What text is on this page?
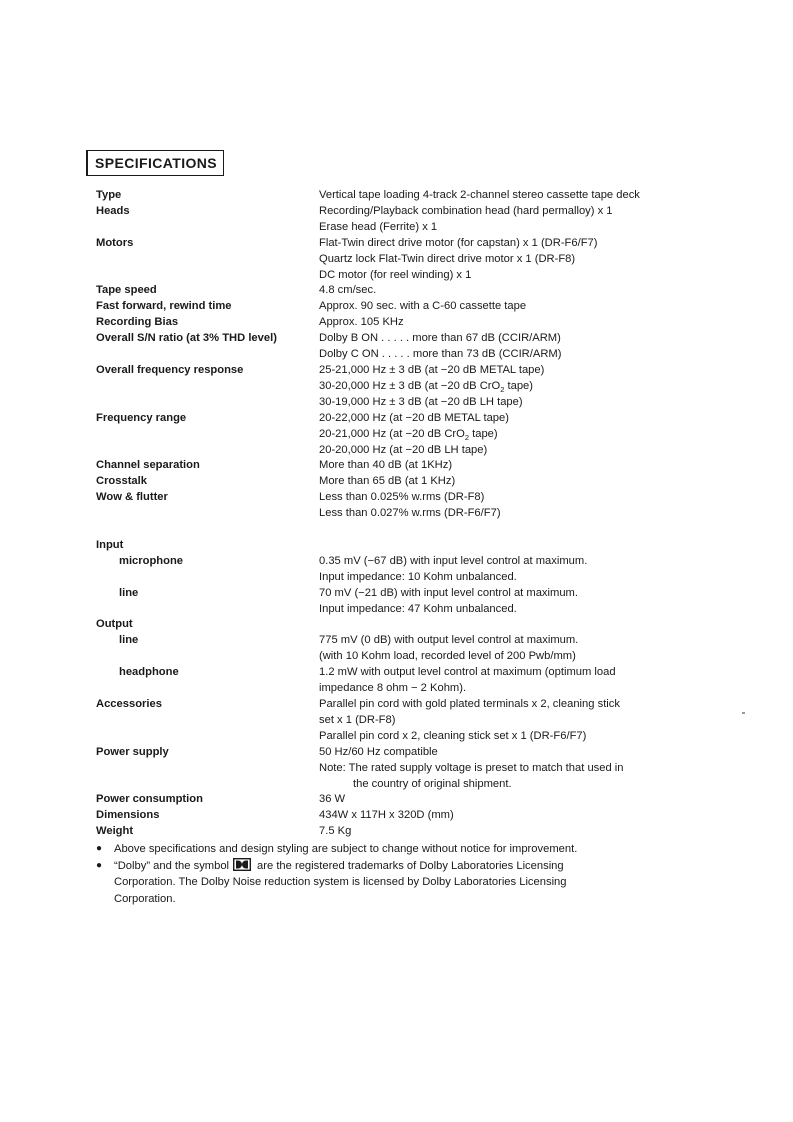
SPECIFICATIONS
Type	Vertical tape loading 4-track 2-channel stereo cassette tape deck
Heads	Recording/Playback combination head (hard permalloy) x 1
Erase head (Ferrite) x 1
Motors	Flat-Twin direct drive motor (for capstan) x 1 (DR-F6/F7)
Quartz lock Flat-Twin direct drive motor x 1 (DR-F8)
DC motor (for reel winding) x 1
Tape speed	4.8 cm/sec.
Fast forward, rewind time	Approx. 90 sec. with a C-60 cassette tape
Recording Bias	Approx. 105 KHz
Overall S/N ratio (at 3% THD level)	Dolby B ON . . . . . more than 67 dB (CCIR/ARM)
Dolby C ON . . . . . more than 73 dB (CCIR/ARM)
Overall frequency response	25-21,000 Hz ± 3 dB (at −20 dB METAL tape)
30-20,000 Hz ± 3 dB (at −20 dB CrO$_2$ tape)
30-19,000 Hz ± 3 dB (at −20 dB LH tape)
Frequency range	20-22,000 Hz (at −20 dB METAL tape)
20-21,000 Hz (at −20 dB CrO$_2$ tape)
20-20,000 Hz (at −20 dB LH tape)
Channel separation	More than 40 dB (at 1KHz)
Crosstalk	More than 65 dB (at 1 KHz)
Wow & flutter	Less than 0.025% w.rms (DR-F8)
Less than 0.027% w.rms (DR-F6/F7)
Input
microphone	0.35 mV (−67 dB) with input level control at maximum.
Input impedance: 10 Kohm unbalanced.
line	70 mV (−21 dB) with input level control at maximum.
Input impedance: 47 Kohm unbalanced.
Output
line	775 mV (0 dB) with output level control at maximum.
(with 10 Kohm load, recorded level of 200 Pwb/mm)
headphone	1.2 mW with output level control at maximum (optimum load
impedance 8 ohm − 2 Kohm).
Accessories	Parallel pin cord with gold plated terminals x 2, cleaning stick
set x 1 (DR-F8)
Parallel pin cord x 2, cleaning stick set x 1 (DR-F6/F7)
Power supply	50 Hz/60 Hz compatible
Note: The rated supply voltage is preset to match that used in
the country of original shipment.
Power consumption	36 W
Dimensions	434W x 117H x 320D (mm)
Weight	7.5 Kg
●	Above specifications and design styling are subject to change without notice for improvement.
●	“Dolby” and the symbol	are the registered trademarks of Dolby Laboratories Licensing
Corporation. The Dolby Noise reduction system is licensed by Dolby Laboratories Licensing
Corporation.
